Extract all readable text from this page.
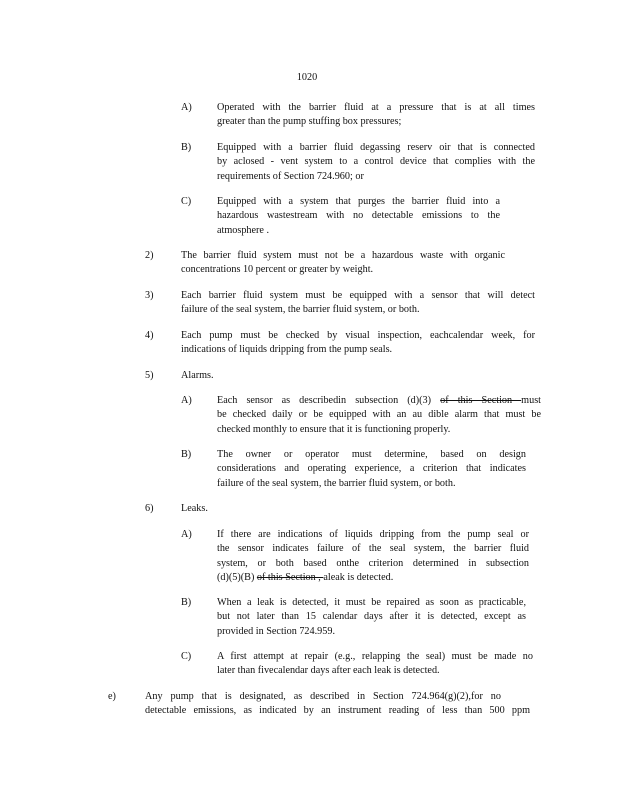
1020
A) Operated with the barrier fluid at a pressure that is at all times
greater than the pump stuffing box pressures;
B)	Equipped with a barrier fluid degassing reserv oir that is connected
by aclosed - vent system to a control device that complies with the
requirements of Section 724.960; or
C)	Equipped with a system that purges the barrier fluid into a
hazardous wastestream with no detectable emissions to the
atmosphere .
2)	The barrier fluid system must not be a hazardous waste with organic
concentrations 10 percent or greater by weight.
3)	Each barrier fluid system must be equipped with a sensor that will detect
failure of the seal system, the barrier fluid system, or both.
4)	Each pump must be checked by visual inspection, eachcalendar week, for
indications of liquids dripping from the pump seals.
5)	Alarms.
A) Each sensor as describedin subsection (d)(3) of this Section must
be checked daily or be equipped with an au dible alarm that must be
checked monthly to ensure that it is functioning properly.
B)	The owner or operator must determine, based on design
considerations and operating experience, a criterion that indicates
failure of the seal system, the barrier fluid system, or both.
6)	Leaks.
A) If there are indications of liquids dripping from the pump seal or
the sensor indicates failure of the seal system, the barrier fluid
system, or both based onthe criterion determined in subsection
(d)(5)(B) of this Section , aleak is detected.
B)	When a leak is detected, it must be repaired as soon as practicable,
but not later than 15 calendar days after it is detected, except as
provided in Section 724.959.
C)	A first attempt at repair (e.g., relapping the seal) must be made no
later than fivecalendar days after each leak is detected.
e)	Any pump that is designated, as described in Section 724.964(g)(2),for no
detectable emissions, as indicated by an instrument reading of less than 500 ppm
